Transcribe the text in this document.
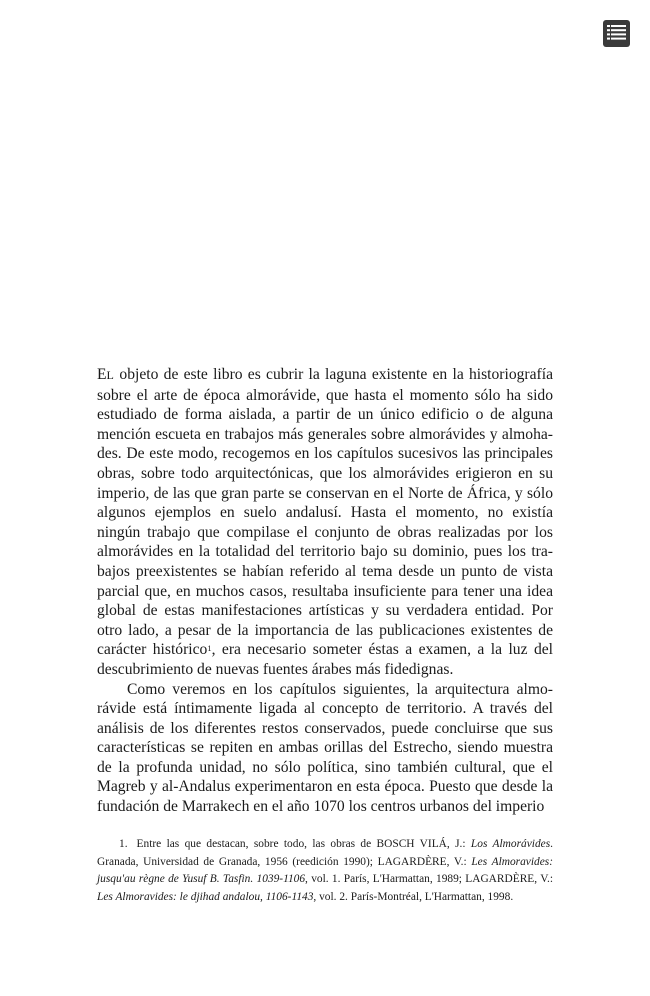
EL objeto de este libro es cubrir la laguna existente en la historiografía sobre el arte de época almorávide, que hasta el momento sólo ha sido estudiado de forma aislada, a partir de un único edificio o de alguna mención escueta en trabajos más generales sobre almorávides y almohades. De este modo, recogemos en los capítulos sucesivos las principales obras, sobre todo arquitectónicas, que los almorávides erigieron en su imperio, de las que gran parte se conservan en el Norte de África, y sólo algunos ejemplos en suelo andalusí. Hasta el momento, no existía ningún trabajo que compilase el conjunto de obras realizadas por los almorávides en la totalidad del territorio bajo su dominio, pues los trabajos preexistentes se habían referido al tema desde un punto de vista parcial que, en muchos casos, resultaba insuficiente para tener una idea global de estas manifestaciones artísticas y su verdadera entidad. Por otro lado, a pesar de la importancia de las publicaciones existentes de carácter histórico$^1$, era necesario someter éstas a examen, a la luz del descubrimiento de nuevas fuentes árabes más fidedignas.

Como veremos en los capítulos siguientes, la arquitectura almorávide está íntimamente ligada al concepto de territorio. A través del análisis de los diferentes restos conservados, puede concluirse que sus características se repiten en ambas orillas del Estrecho, siendo muestra de la profunda unidad, no sólo política, sino también cultural, que el Magreb y al-Andalus experimentaron en esta época. Puesto que desde la fundación de Marrakech en el año 1070 los centros urbanos del imperio

1. Entre las que destacan, sobre todo, las obras de BOSCH VILÁ, J.: Los Almorávides. Granada, Universidad de Granada, 1956 (reedición 1990); LAGARDÈRE, V.: Les Almoravides: jusqu'au règne de Yusuf B. Tasfin. 1039-1106, vol. 1. París, L'Harmattan, 1989; LAGARDÈRE, V.: Les Almoravides: le djihad andalou, 1106-1143, vol. 2. París-Montréal, L'Harmattan, 1998.
